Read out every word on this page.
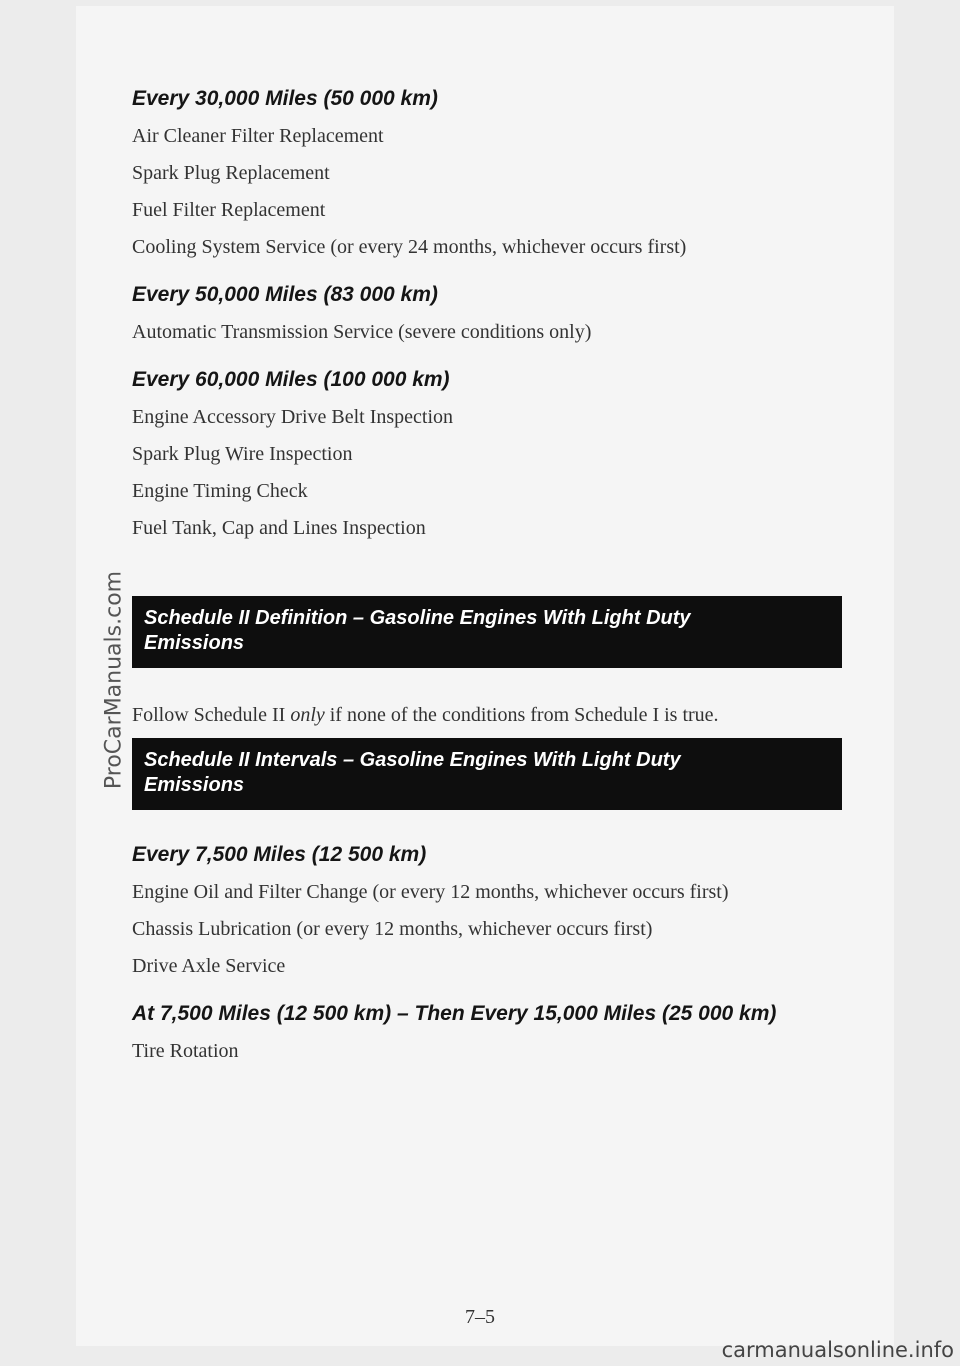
Every 30,000 Miles (50 000 km)

Air Cleaner Filter Replacement

Spark Plug Replacement

Fuel Filter Replacement

Cooling System Service (or every 24 months, whichever occurs first)

Every 50,000 Miles (83 000 km)

Automatic Transmission Service (severe conditions only)

Every 60,000 Miles (100 000 km)

Engine Accessory Drive Belt Inspection

Spark Plug Wire Inspection

Engine Timing Check

Fuel Tank, Cap and Lines Inspection

Schedule II Definition – Gasoline Engines With Light Duty
Emissions

Follow Schedule II only if none of the conditions from Schedule I is true.

Schedule II Intervals – Gasoline Engines With Light Duty
Emissions
Every 7,500 Miles (12 500 km)

Engine Oil and Filter Change (or every 12 months, whichever occurs first)

Chassis Lubrication (or every 12 months, whichever occurs first)

Drive Axle Service

At 7,500 Miles (12 500 km) – Then Every 15,000 Miles (25 000 km)

Tire Rotation

7–5
ProCarManuals.com
carmanualsonline.info
